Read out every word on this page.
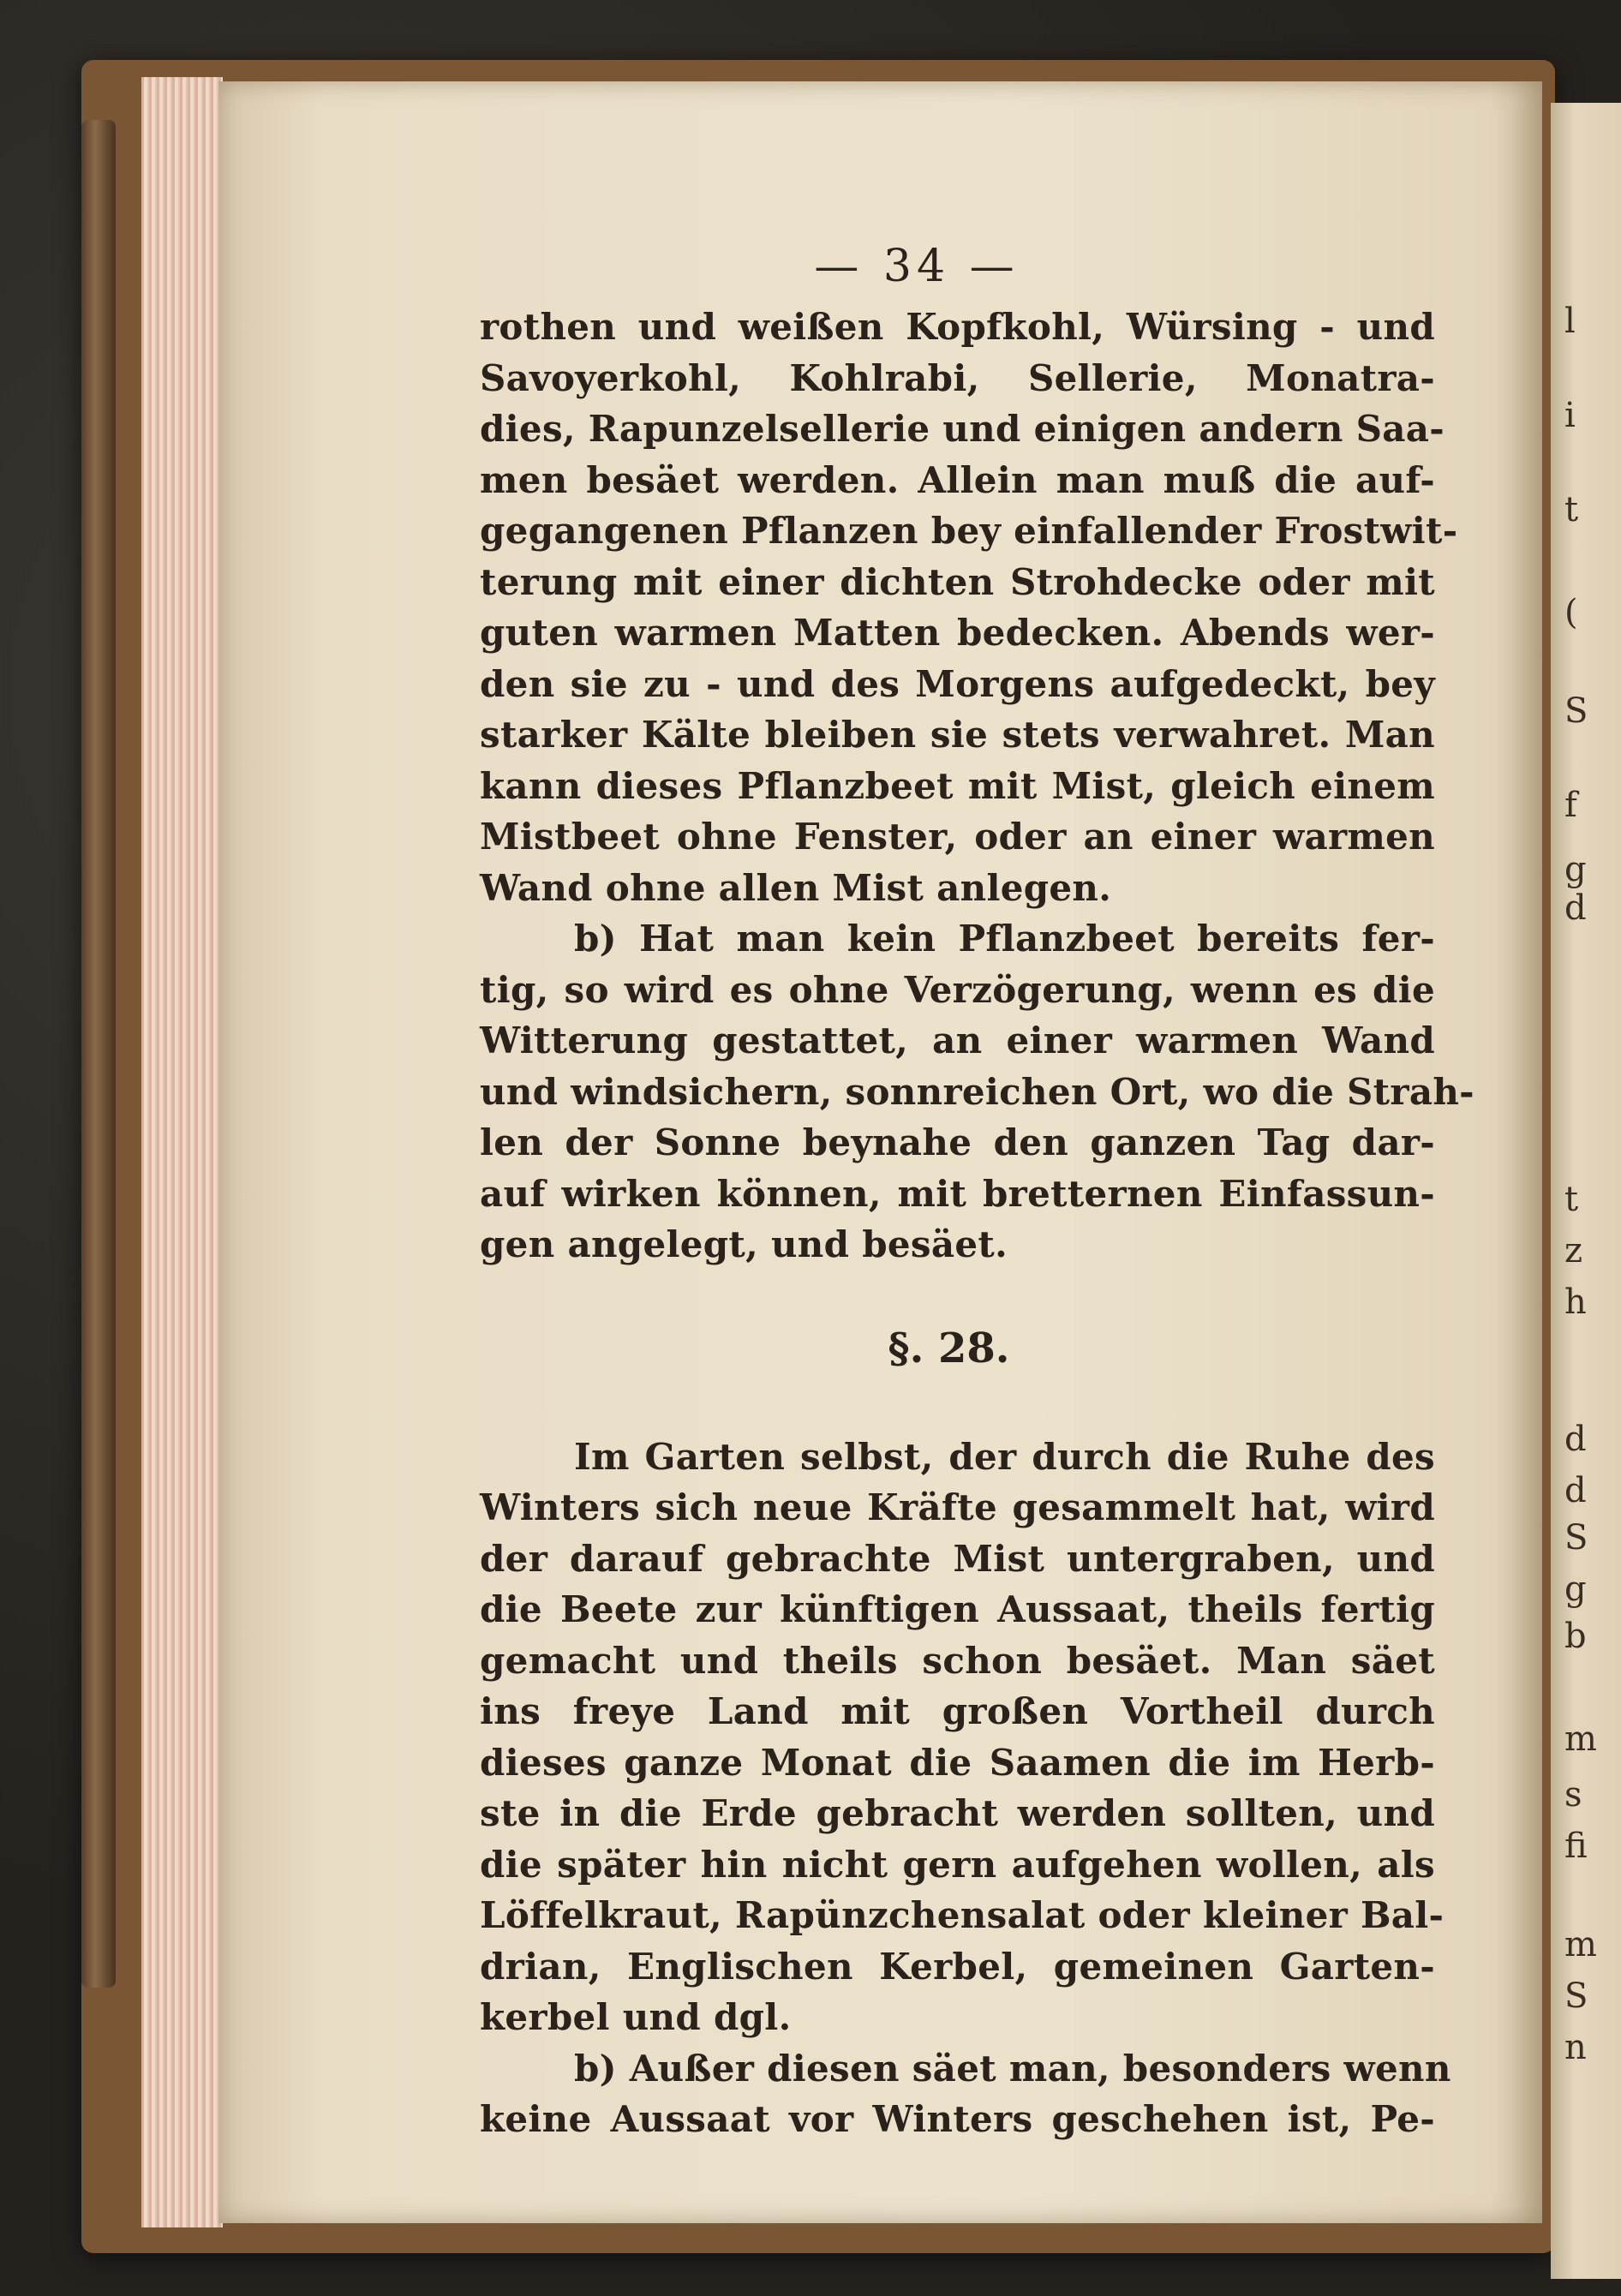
l
i
t
(
S
f
g
d
t
z
h
d
d
S
g
b
m
s
fi
m
S
n
— 34 —
rothen und weißen Kopfkohl, Würsing - und
Savoyerkohl, Kohlrabi, Sellerie, Monatra-
dies, Rapunzelsellerie und einigen andern Saa-
men besäet werden. Allein man muß die auf-
gegangenen Pflanzen bey einfallender Frostwit-
terung mit einer dichten Strohdecke oder mit
guten warmen Matten bedecken. Abends wer-
den sie zu - und des Morgens aufgedeckt, bey
starker Kälte bleiben sie stets verwahret. Man
kann dieses Pflanzbeet mit Mist, gleich einem
Mistbeet ohne Fenster, oder an einer warmen
Wand ohne allen Mist anlegen.
b) Hat man kein Pflanzbeet bereits fer-
tig, so wird es ohne Verzögerung, wenn es die
Witterung gestattet, an einer warmen Wand
und windsichern, sonnreichen Ort, wo die Strah-
len der Sonne beynahe den ganzen Tag dar-
auf wirken können, mit bretternen Einfassun-
gen angelegt, und besäet.
§. 28.
Im Garten selbst, der durch die Ruhe des
Winters sich neue Kräfte gesammelt hat, wird
der darauf gebrachte Mist untergraben, und
die Beete zur künftigen Aussaat, theils fertig
gemacht und theils schon besäet. Man säet
ins freye Land mit großen Vortheil durch
dieses ganze Monat die Saamen die im Herb-
ste in die Erde gebracht werden sollten, und
die später hin nicht gern aufgehen wollen, als
Löffelkraut, Rapünzchensalat oder kleiner Bal-
drian, Englischen Kerbel, gemeinen Garten-
kerbel und dgl.
b) Außer diesen säet man, besonders wenn
keine Aussaat vor Winters geschehen ist, Pe-
